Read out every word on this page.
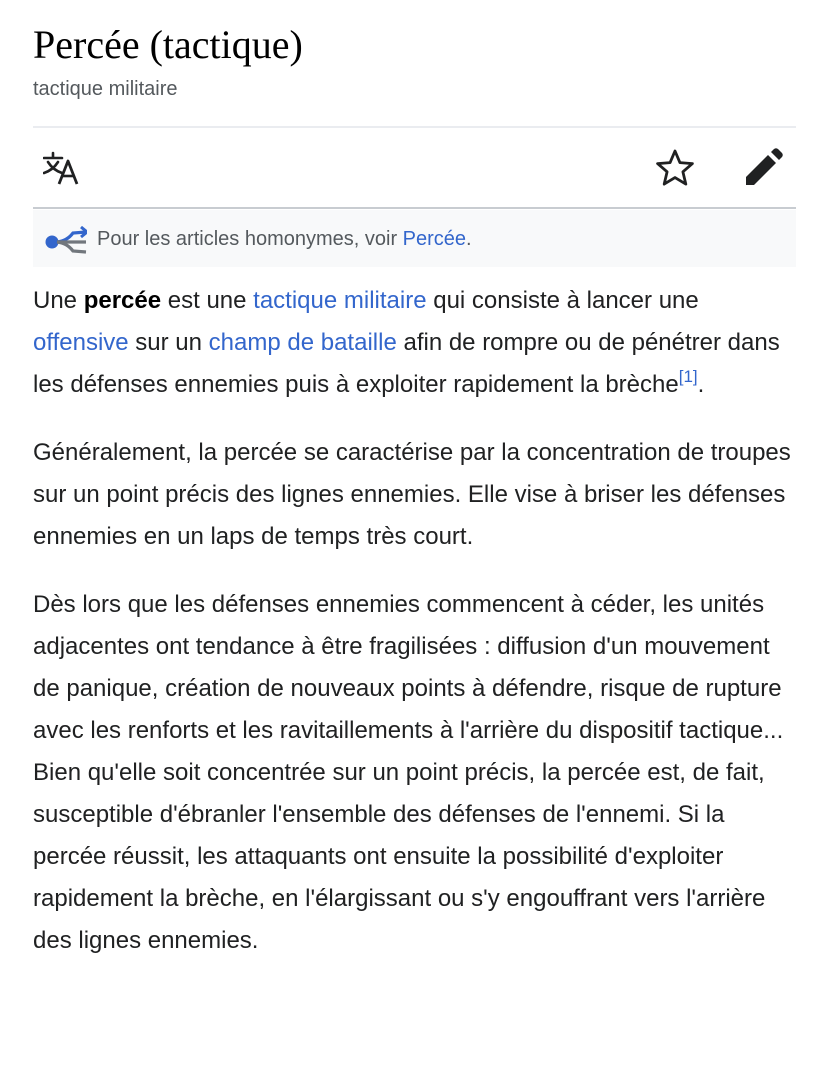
Percée (tactique)
tactique militaire
Pour les articles homonymes, voir Percée.

Une percée est une tactique militaire qui consiste à lancer une offensive sur un champ de bataille afin de rompre ou de pénétrer dans les défenses ennemies puis à exploiter rapidement la brèche[1].

Généralement, la percée se caractérise par la concentration de troupes sur un point précis des lignes ennemies. Elle vise à briser les défenses ennemies en un laps de temps très court.

Dès lors que les défenses ennemies commencent à céder, les unités adjacentes ont tendance à être fragilisées : diffusion d'un mouvement de panique, création de nouveaux points à défendre, risque de rupture avec les renforts et les ravitaillements à l'arrière du dispositif tactique... Bien qu'elle soit concentrée sur un point précis, la percée est, de fait, susceptible d'ébranler l'ensemble des défenses de l'ennemi. Si la percée réussit, les attaquants ont ensuite la possibilité d'exploiter rapidement la brèche, en l'élargissant ou s'y engouffrant vers l'arrière des lignes ennemies.
